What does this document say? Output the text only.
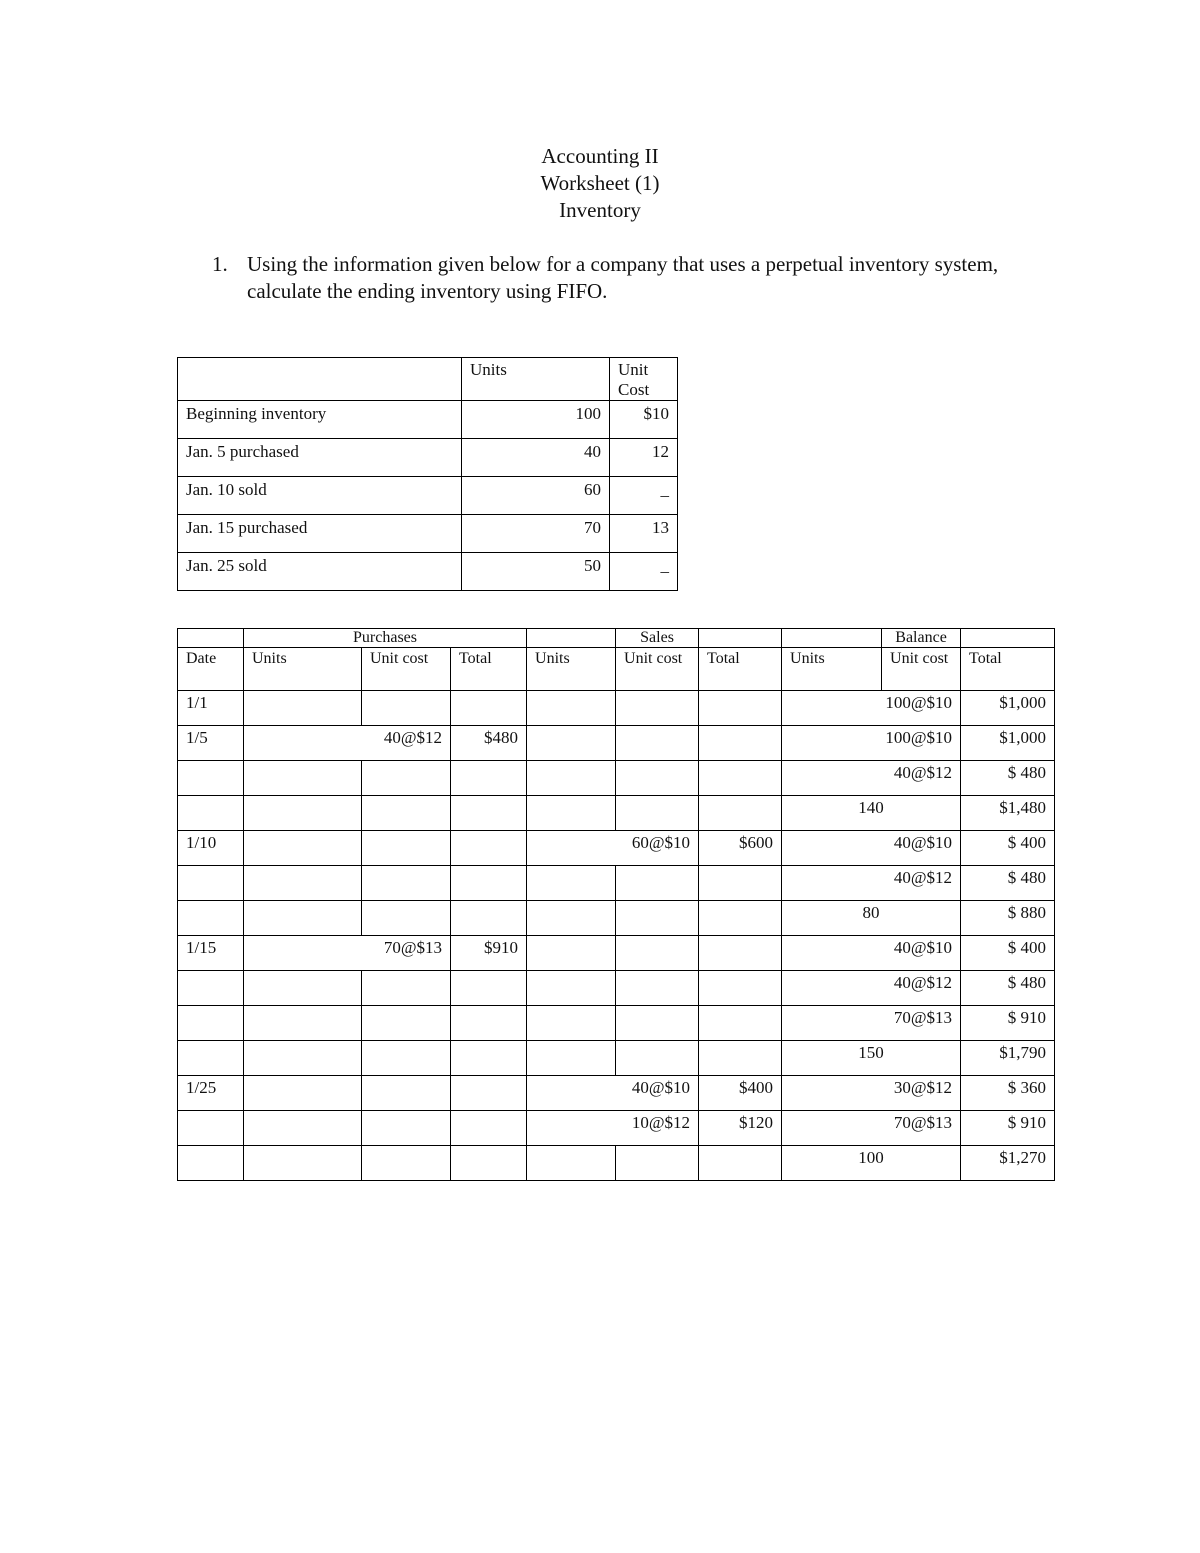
Accounting II
Worksheet (1)
Inventory
1. Using the information given below for a company that uses a perpetual inventory system, calculate the ending inventory using FIFO.
	Units	Unit Cost
Beginning inventory	100	$10
Jan. 5 purchased	40	12
Jan. 10 sold	60	_
Jan. 15 purchased	70	13
Jan. 25 sold	50	_
	Purchases				Sales			Balance	
Date	Units	Unit cost	Total	Units	Unit cost	Total	Units	Unit cost	Total
1/1							100@$10		$1,000
1/5	40@$12		$480				100@$10		$1,000
							40@$12		$ 480
							140		$1,480
1/10				60@$10		$600	40@$10		$ 400
							40@$12		$ 480
							80		$ 880
1/15	70@$13		$910				40@$10		$ 400
							40@$12		$ 480
							70@$13		$ 910
							150		$1,790
1/25				40@$10		$400	30@$12		$ 360
				10@$12		$120	70@$13		$ 910
							100		$1,270
